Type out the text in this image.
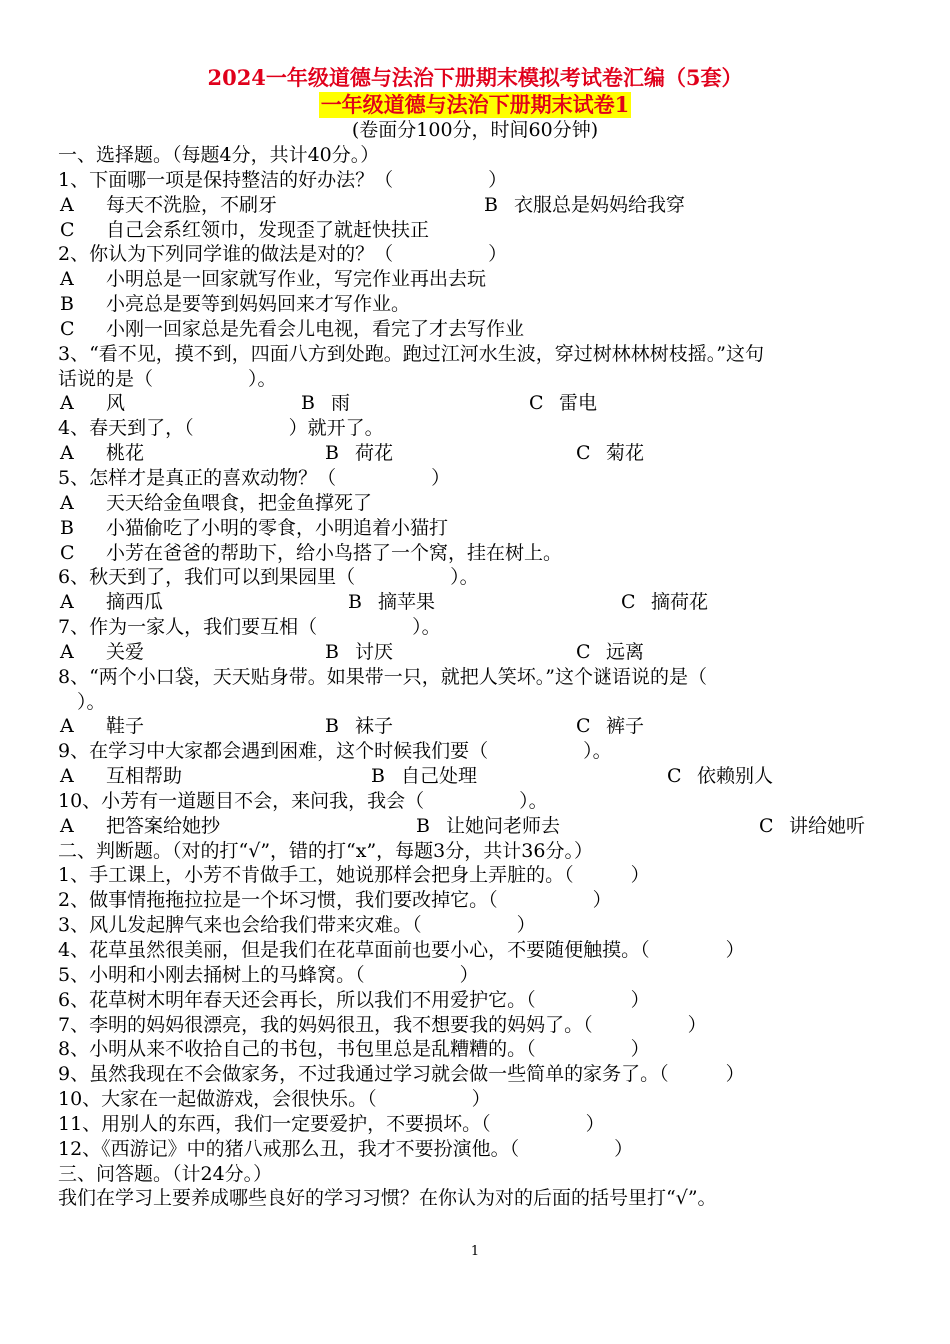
2024一年级道德与法治下册期末模拟考试卷汇编（5套）
一年级道德与法治下册期末试卷1
(卷面分100分，时间60分钟)
一、选择题。（每题4分，共计40分。）
1、下面哪一项是保持整洁的好办法？（　　　　　）
A 每天不洗脸，不刷牙	B 衣服总是妈妈给我穿
C 自己会系红领巾，发现歪了就赶快扶正
2、你认为下列同学谁的做法是对的？（　　　　　）
A 小明总是一回家就写作业，写完作业再出去玩
B 小亮总是要等到妈妈回来才写作业。
C 小刚一回家总是先看会儿电视，看完了才去写作业
3、“看不见，摸不到，四面八方到处跑。跑过江河水生波，穿过树林林树枝摇。”这句
话说的是（　　　　　）。
A 风	B 雨	C 雷电
4、春天到了，（　　　　　）就开了。
A 桃花	B 荷花	C 菊花
5、怎样才是真正的喜欢动物？（　　　　　）
A 天天给金鱼喂食，把金鱼撑死了
B 小猫偷吃了小明的零食，小明追着小猫打
C 小芳在爸爸的帮助下，给小鸟搭了一个窝，挂在树上。
6、秋天到了，我们可以到果园里（　　　　　）。
A 摘西瓜	B 摘苹果	C 摘荷花
7、作为一家人，我们要互相（　　　　　）。
A 关爱	B 讨厌	C 远离
8、“两个小口袋，天天贴身带。如果带一只，就把人笑坏。”这个谜语说的是（
　）。
A 鞋子	B 袜子	C 裤子
9、在学习中大家都会遇到困难，这个时候我们要（　　　　　）。
A 互相帮助	B 自己处理	C 依赖别人
10、小芳有一道题目不会，来问我，我会（　　　　　）。
A 把答案给她抄	B 让她问老师去	C 讲给她听
二、判断题。（对的打“√”，错的打“x”，每题3分，共计36分。）
1、手工课上，小芳不肯做手工，她说那样会把身上弄脏的。（　　　）
2、做事情拖拖拉拉是一个坏习惯，我们要改掉它。（　　　　　）
3、风儿发起脾气来也会给我们带来灾难。（　　　　　）
4、花草虽然很美丽，但是我们在花草面前也要小心，不要随便触摸。（　　　　）
5、小明和小刚去捅树上的马蜂窝。（　　　　　）
6、花草树木明年春天还会再长，所以我们不用爱护它。（　　　　　）
7、李明的妈妈很漂亮，我的妈妈很丑，我不想要我的妈妈了。（　　　　　）
8、小明从来不收拾自己的书包，书包里总是乱糟糟的。（　　　　　）
9、虽然我现在不会做家务，不过我通过学习就会做一些简单的家务了。（　　　）
10、大家在一起做游戏，会很快乐。（　　　　　）
11、用别人的东西，我们一定要爱护，不要损坏。（　　　　　）
12、《西游记》中的猪八戒那么丑，我才不要扮演他。（　　　　　）
三、问答题。（计24分。）
我们在学习上要养成哪些良好的学习习惯？在你认为对的后面的括号里打“√”。
1
